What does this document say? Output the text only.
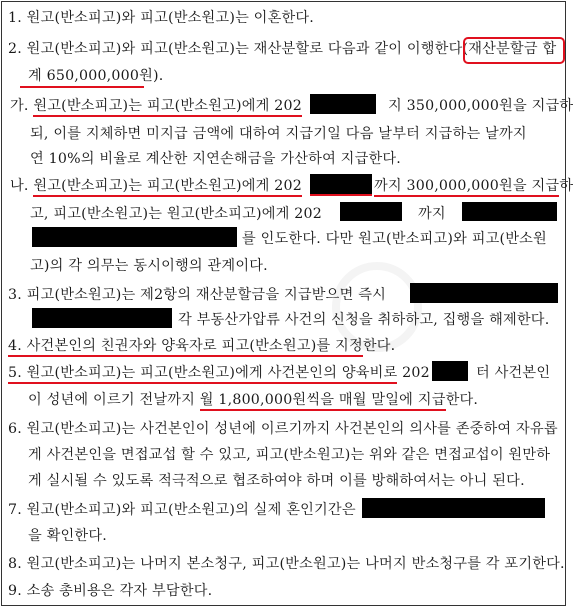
1. 원고(반소피고)와 피고(반소원고)는 이혼한다.
2. 원고(반소피고)와 피고(반소원고)는 재산분할로 다음과 같이 이행한다(재산분할금 합
계 650,000,000원).
가. 원고(반소피고)는 피고(반소원고)에게 202	지 350,000,000원을 지급하
되, 이를 지체하면 미지급 금액에 대하여 지급기일 다음 날부터 지급하는 날까지
연 10%의 비율로 계산한 지연손해금을 가산하여 지급한다.
나. 원고(반소피고)는 피고(반소원고)에게 202	까지 300,000,000원을 지급하
고, 피고(반소원고)는 원고(반소피고)에게 202	까지
를 인도한다. 다만 원고(반소피고)와 피고(반소원
고)의 각 의무는 동시이행의 관계이다.
3. 피고(반소원고)는 제2항의 재산분할금을 지급받으면 즉시
각 부동산가압류 사건의 신청을 취하하고, 집행을 해제한다.
4. 사건본인의 친권자와 양육자로 피고(반소원고)를 지정한다.
5. 원고(반소피고)는 피고(반소원고)에게 사건본인의 양육비로 202	터 사건본인
이 성년에 이르기 전날까지 월 1,800,000원씩을 매월 말일에 지급한다.
6. 원고(반소피고)는 사건본인이 성년에 이르기까지 사건본인의 의사를 존중하여 자유롭
게 사건본인을 면접교섭 할 수 있고, 피고(반소원고)는 위와 같은 면접교섭이 원만하
게 실시될 수 있도록 적극적으로 협조하여야 하며 이를 방해하여서는 아니 된다.
7. 원고(반소피고)와 피고(반소원고)의 실제 혼인기간은
을 확인한다.
8. 원고(반소피고)는 나머지 본소청구, 피고(반소원고)는 나머지 반소청구를 각 포기한다.
9. 소송 총비용은 각자 부담한다.
